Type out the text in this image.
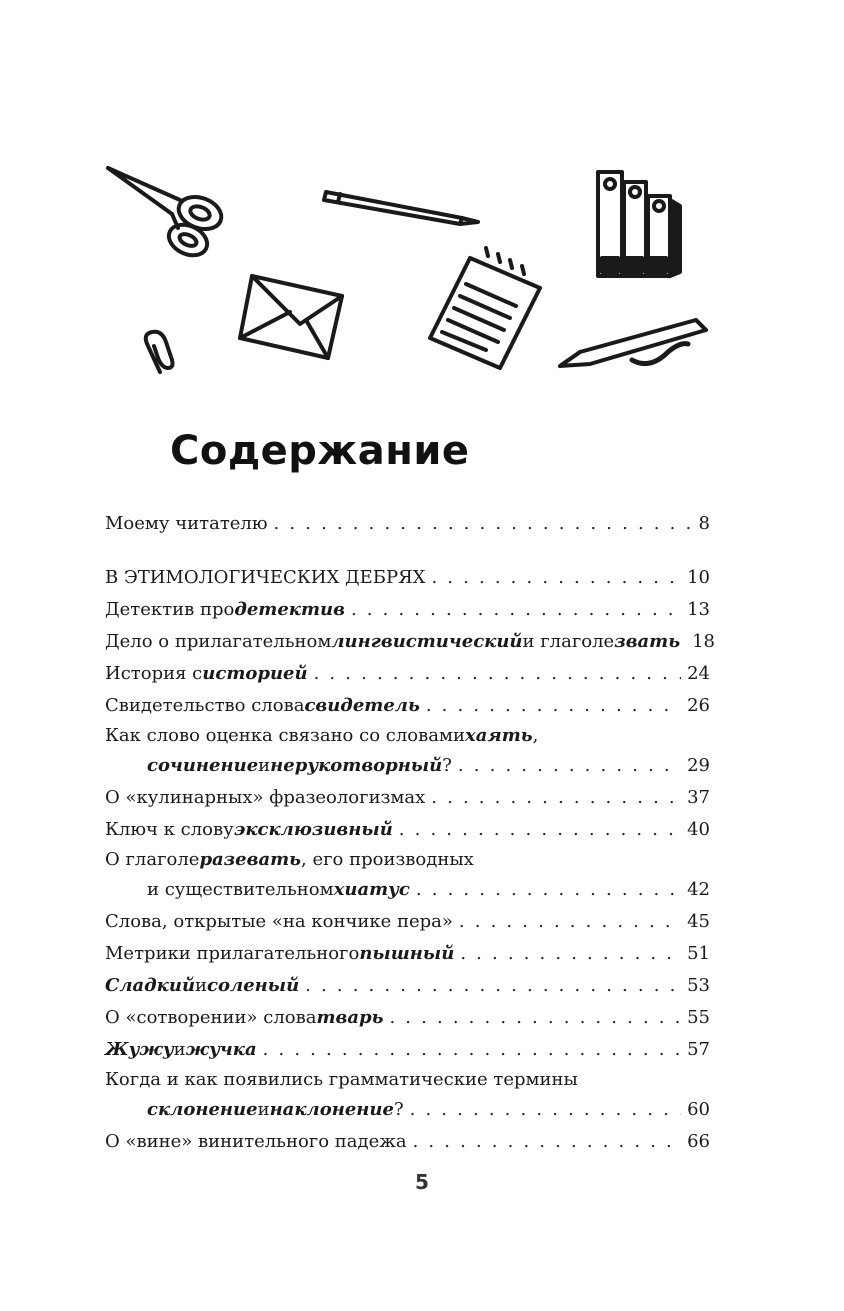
Содержание
Моему читателю . . .	8
В ЭТИМОЛОГИЧЕСКИХ ДЕБРЯХ . . .	10
Детектив про детектив . . .	13
Дело о прилагательном лингвистический и глаголе звать 18
История с историей . . .	24
Свидетельство слова свидетель . . .	26
Как слово оценка связано со словами хаять ,
сочинение и нерукотворный ? . . .	29
О «кулинарных» фразеологизмах . . .	37
Ключ к слову эксклюзивный . . .	40
О глаголе разевать , его производных
и существительном хиатус . . .	42
Слова, открытые «на кончике пера» . . .	45
Метрики прилагательного пышный . . .	51
Сладкий и соленый . . .	53
О «сотворении» слова тварь . . .	55
Жужу и жучка . . .	57
Когда и как появились грамматические термины
склонение и наклонение ? . . .	60
О «вине» винительного падежа . . .	66
5
